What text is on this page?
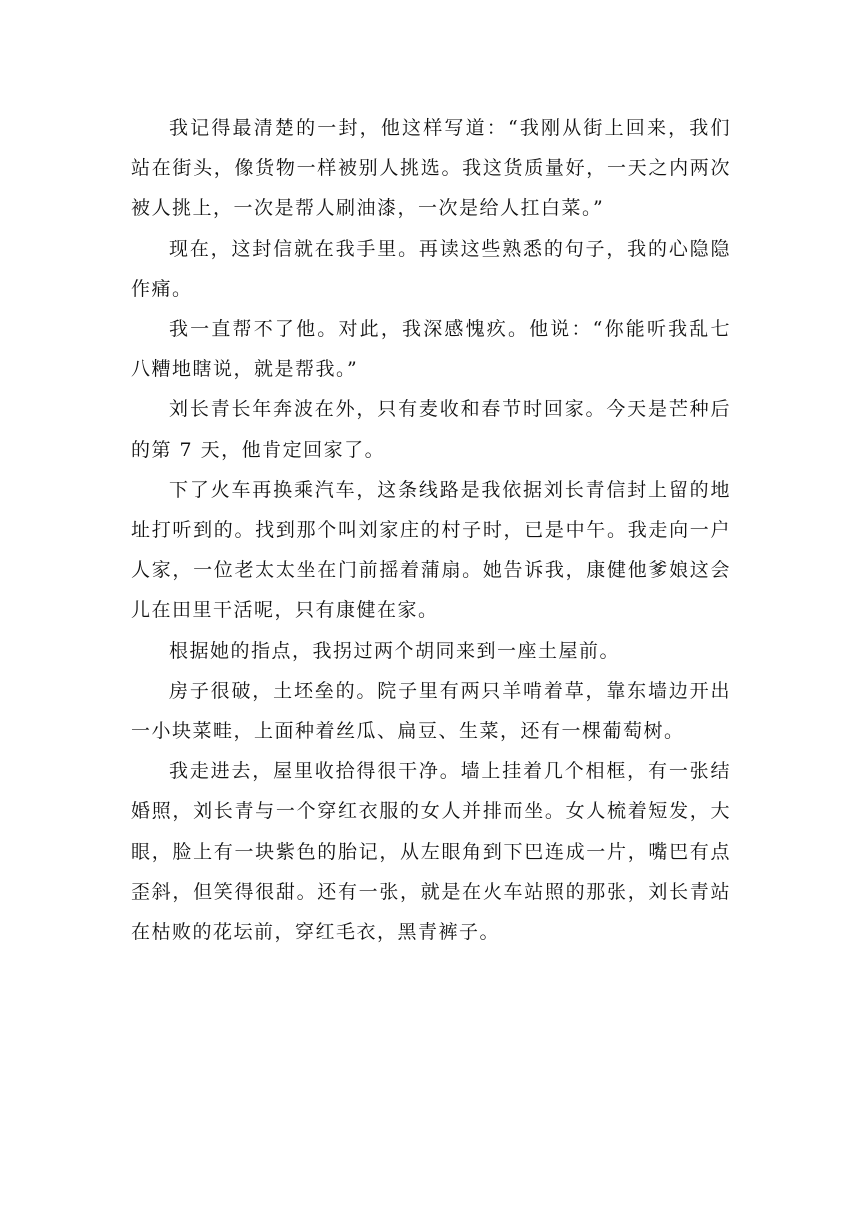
我记得最清楚的一封，他这样写道：“我刚从街上回来，我们站在街头，像货物一样被别人挑选。我这货质量好，一天之内两次被人挑上，一次是帮人刷油漆，一次是给人扛白菜。”

现在，这封信就在我手里。再读这些熟悉的句子，我的心隐隐作痛。

我一直帮不了他。对此，我深感愧疚。他说：“你能听我乱七八糟地瞎说，就是帮我。”

刘长青长年奔波在外，只有麦收和春节时回家。今天是芒种后的第 7 天，他肯定回家了。

下了火车再换乘汽车，这条线路是我依据刘长青信封上留的地址打听到的。找到那个叫刘家庄的村子时，已是中午。我走向一户人家，一位老太太坐在门前摇着蒲扇。她告诉我，康健他爹娘这会儿在田里干活呢，只有康健在家。

根据她的指点，我拐过两个胡同来到一座土屋前。

房子很破，土坯垒的。院子里有两只羊啃着草，靠东墙边开出一小块菜畦，上面种着丝瓜、扁豆、生菜，还有一棵葡萄树。

我走进去，屋里收拾得很干净。墙上挂着几个相框，有一张结婚照，刘长青与一个穿红衣服的女人并排而坐。女人梳着短发，大眼，脸上有一块紫色的胎记，从左眼角到下巴连成一片，嘴巴有点歪斜，但笑得很甜。还有一张，就是在火车站照的那张，刘长青站在枯败的花坛前，穿红毛衣，黑青裤子。
